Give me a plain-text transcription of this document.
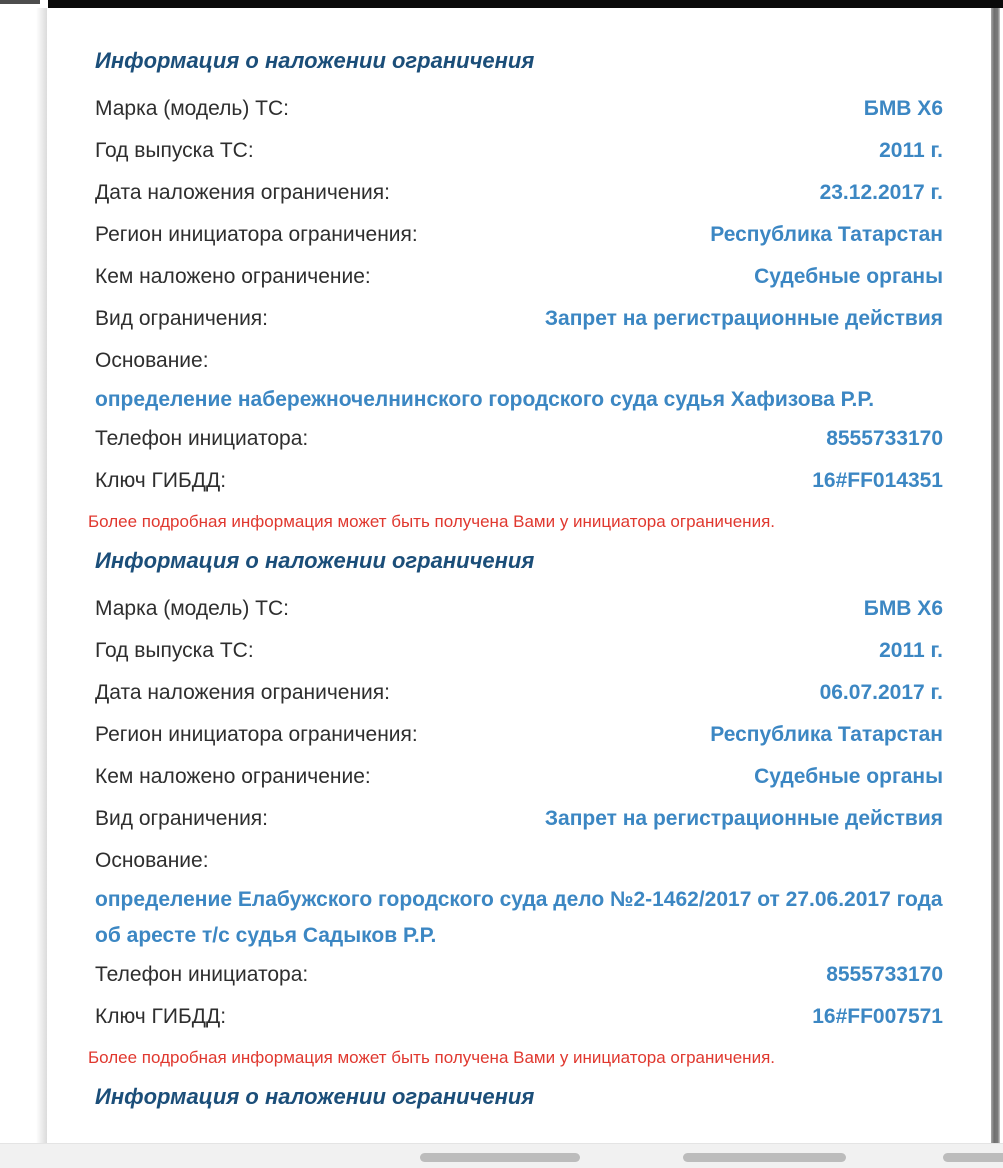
Информация о наложении ограничения
Марка (модель) ТС:	БМВ X6
Год выпуска ТС:	2011 г.
Дата наложения ограничения:	23.12.2017 г.
Регион инициатора ограничения:	Республика Татарстан
Кем наложено ограничение:	Судебные органы
Вид ограничения:	Запрет на регистрационные действия
Основание:
определение набережночелнинского городского суда судья Хафизова Р.Р.
Телефон инициатора:	8555733170
Ключ ГИБДД:	16#FF014351
Более подробная информация может быть получена Вами у инициатора ограничения.
Информация о наложении ограничения
Марка (модель) ТС:	БМВ X6
Год выпуска ТС:	2011 г.
Дата наложения ограничения:	06.07.2017 г.
Регион инициатора ограничения:	Республика Татарстан
Кем наложено ограничение:	Судебные органы
Вид ограничения:	Запрет на регистрационные действия
Основание:
определение Елабужского городского суда дело №2-1462/2017 от 27.06.2017 года об аресте т/с судья Садыков Р.Р.
Телефон инициатора:	8555733170
Ключ ГИБДД:	16#FF007571
Более подробная информация может быть получена Вами у инициатора ограничения.
Информация о наложении ограничения
